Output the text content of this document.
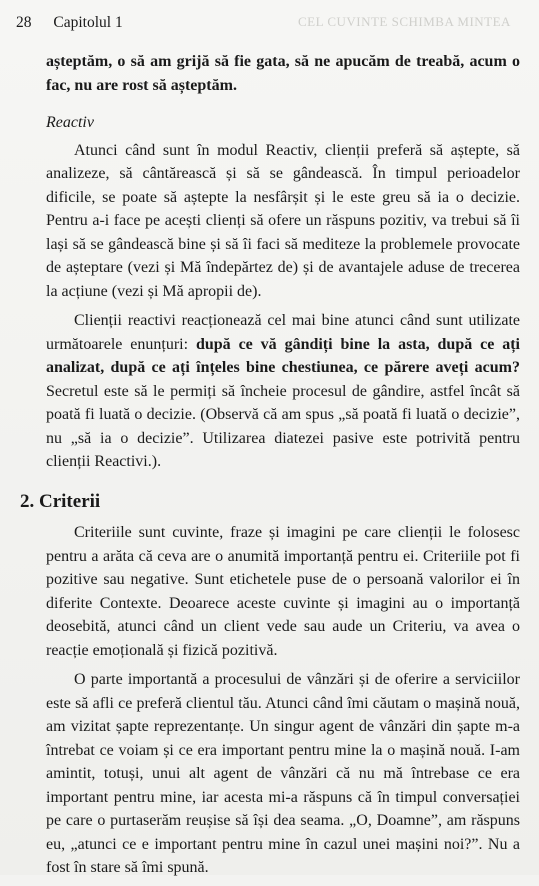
28 Capitolul 1	CEL CUVINTE SCHIMBA MINTEA

așteptăm, o să am grijă să fie gata, să ne apucăm de treabă, acum o fac, nu are rost să așteptăm.

Reactiv

Atunci când sunt în modul Reactiv, clienții preferă să aștepte, să analizeze, să cântărească și să se gândească. În timpul perioadelor dificile, se poate să aștepte la nesfârșit și le este greu să ia o decizie. Pentru a-i face pe acești clienți să ofere un răspuns pozitiv, va trebui să îi lași să se gândească bine și să îi faci să mediteze la problemele provocate de așteptare (vezi și Mă îndepărtez de) și de avantajele aduse de trecerea la acțiune (vezi și Mă apropii de).

Clienții reactivi reacționează cel mai bine atunci când sunt utilizate următoarele enunțuri: după ce vă gândiți bine la asta, după ce ați analizat, după ce ați înțeles bine chestiunea, ce părere aveți acum? Secretul este să le permiți să încheie procesul de gândire, astfel încât să poată fi luată o decizie. (Observă că am spus „să poată fi luată o decizie”, nu „să ia o decizie”. Utilizarea diatezei pasive este potrivită pentru clienții Reactivi.).

2. Criterii

Criteriile sunt cuvinte, fraze și imagini pe care clienții le folosesc pentru a arăta că ceva are o anumită importanță pentru ei. Criteriile pot fi pozitive sau negative. Sunt etichetele puse de o persoană valorilor ei în diferite Contexte. Deoarece aceste cuvinte și imagini au o importanță deosebită, atunci când un client vede sau aude un Criteriu, va avea o reacție emoțională și fizică pozitivă.

O parte importantă a procesului de vânzări și de oferire a serviciilor este să afli ce preferă clientul tău. Atunci când îmi căutam o mașină nouă, am vizitat șapte reprezentanțe. Un singur agent de vânzări din șapte m-a întrebat ce voiam și ce era important pentru mine la o mașină nouă. I-am amintit, totuși, unui alt agent de vânzări că nu mă întrebase ce era important pentru mine, iar acesta mi-a răspuns că în timpul conversației pe care o purtaserăm reușise să își dea seama. „O, Doamne”, am răspuns eu, „atunci ce e important pentru mine în cazul unei mașini noi?”. Nu a fost în stare să îmi spună.
